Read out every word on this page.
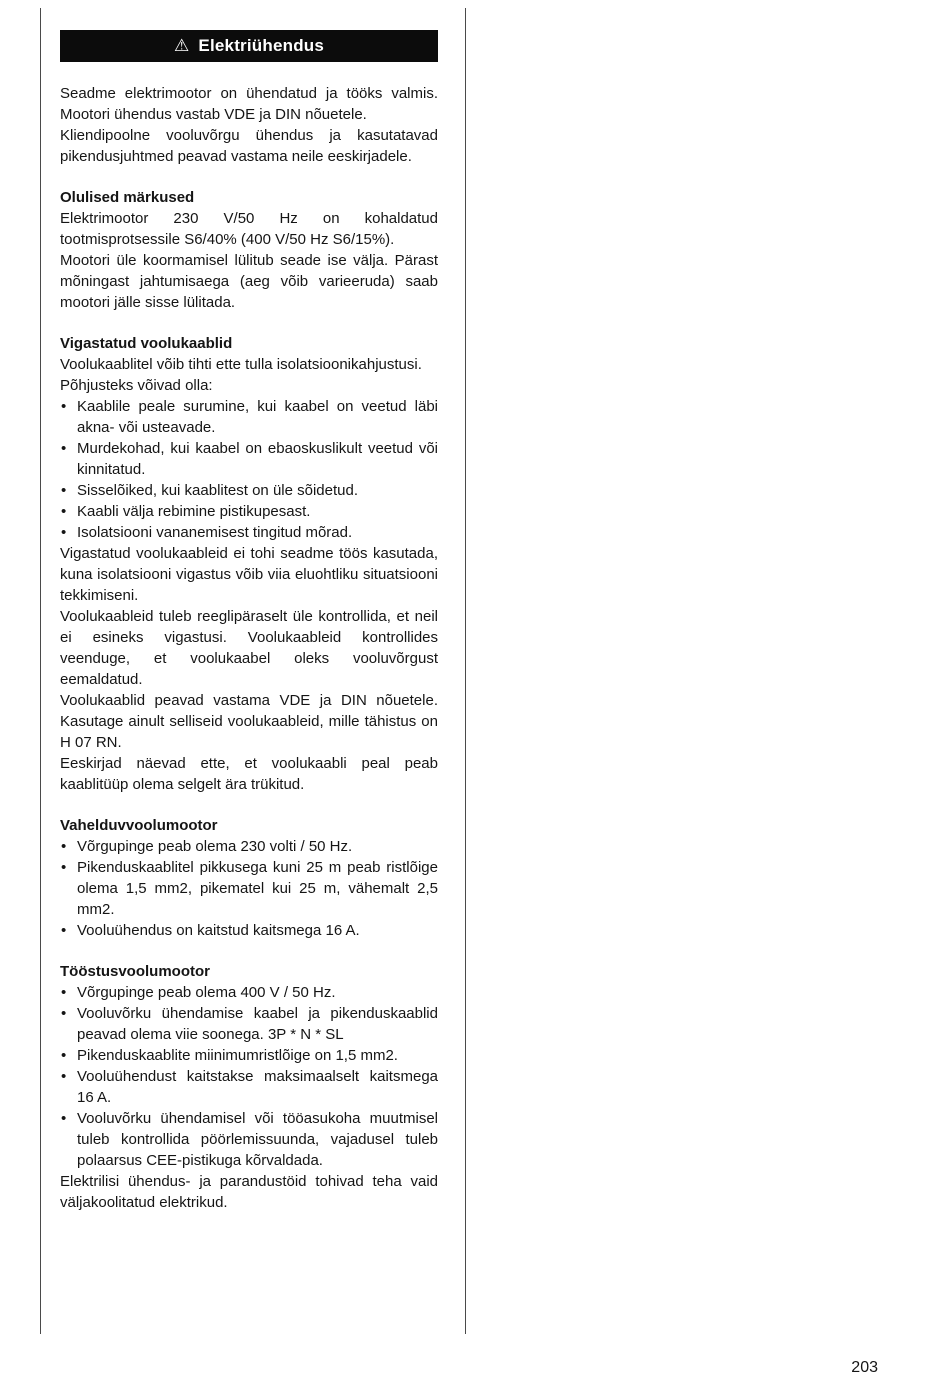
⚠ Elektriühendus

Seadme elektrimootor on ühendatud ja tööks valmis. Mootori ühendus vastab VDE ja DIN nõuetele.

Kliendipoolne vooluvõrgu ühendus ja kasutatavad pikendusjuhtmed peavad vastama neile eeskirjadele.

Olulised märkused

Elektrimootor 230 V/50 Hz on kohaldatud tootmisprotsessile S6/40% (400 V/50 Hz S6/15%).

Mootori üle koormamisel lülitub seade ise välja. Pärast mõningast jahtumisaega (aeg võib varieeruda) saab mootori jälle sisse lülitada.

Vigastatud voolukaablid

Voolukaablitel võib tihti ette tulla isolatsioonikahjustusi.

Põhjusteks võivad olla:

• Kaablile peale surumine, kui kaabel on veetud läbi akna- või usteavade.
• Murdekohad, kui kaabel on ebaoskuslikult veetud või kinnitatud.
• Sisselõiked, kui kaablitest on üle sõidetud.
• Kaabli välja rebimine pistikupesast.
• Isolatsiooni vananemisest tingitud mõrad.

Vigastatud voolukaableid ei tohi seadme töös kasutada, kuna isolatsiooni vigastus võib viia eluohtliku situatsiooni tekkimiseni.

Voolukaableid tuleb reeglipäraselt üle kontrollida, et neil ei esineks vigastusi. Voolukaableid kontrollides veenduge, et voolukaabel oleks vooluvõrgust eemaldatud.

Voolukaablid peavad vastama VDE ja DIN nõuetele. Kasutage ainult selliseid voolukaableid, mille tähistus on H 07 RN.

Eeskirjad näevad ette, et voolukaabli peal peab kaablitüüp olema selgelt ära trükitud.

Vahelduvvoolumootor
• Võrgupinge peab olema 230 volti / 50 Hz.
• Pikenduskaablitel pikkusega kuni 25 m peab ristlõige olema 1,5 mm2, pikematel kui 25 m, vähemalt 2,5 mm2.
• Vooluühendus on kaitstud kaitsmega 16 A.
Tööstusvoolumootor
• Võrgupinge peab olema 400 V / 50 Hz.
• Vooluvõrku ühendamise kaabel ja pikenduskaablid peavad olema viie soonega. 3P * N * SL
• Pikenduskaablite miinimumristlõige on 1,5 mm2.
• Vooluühendust kaitstakse maksimaalselt kaitsmega 16 A.
• Vooluvõrku ühendamisel või tööasukoha muutmisel tuleb kontrollida pöörlemissuunda, vajadusel tuleb polaarsus CEE-pistikuga kõrvaldada.

Elektrilisi ühendus- ja parandustöid tohivad teha vaid väljakoolitatud elektrikud.

203
